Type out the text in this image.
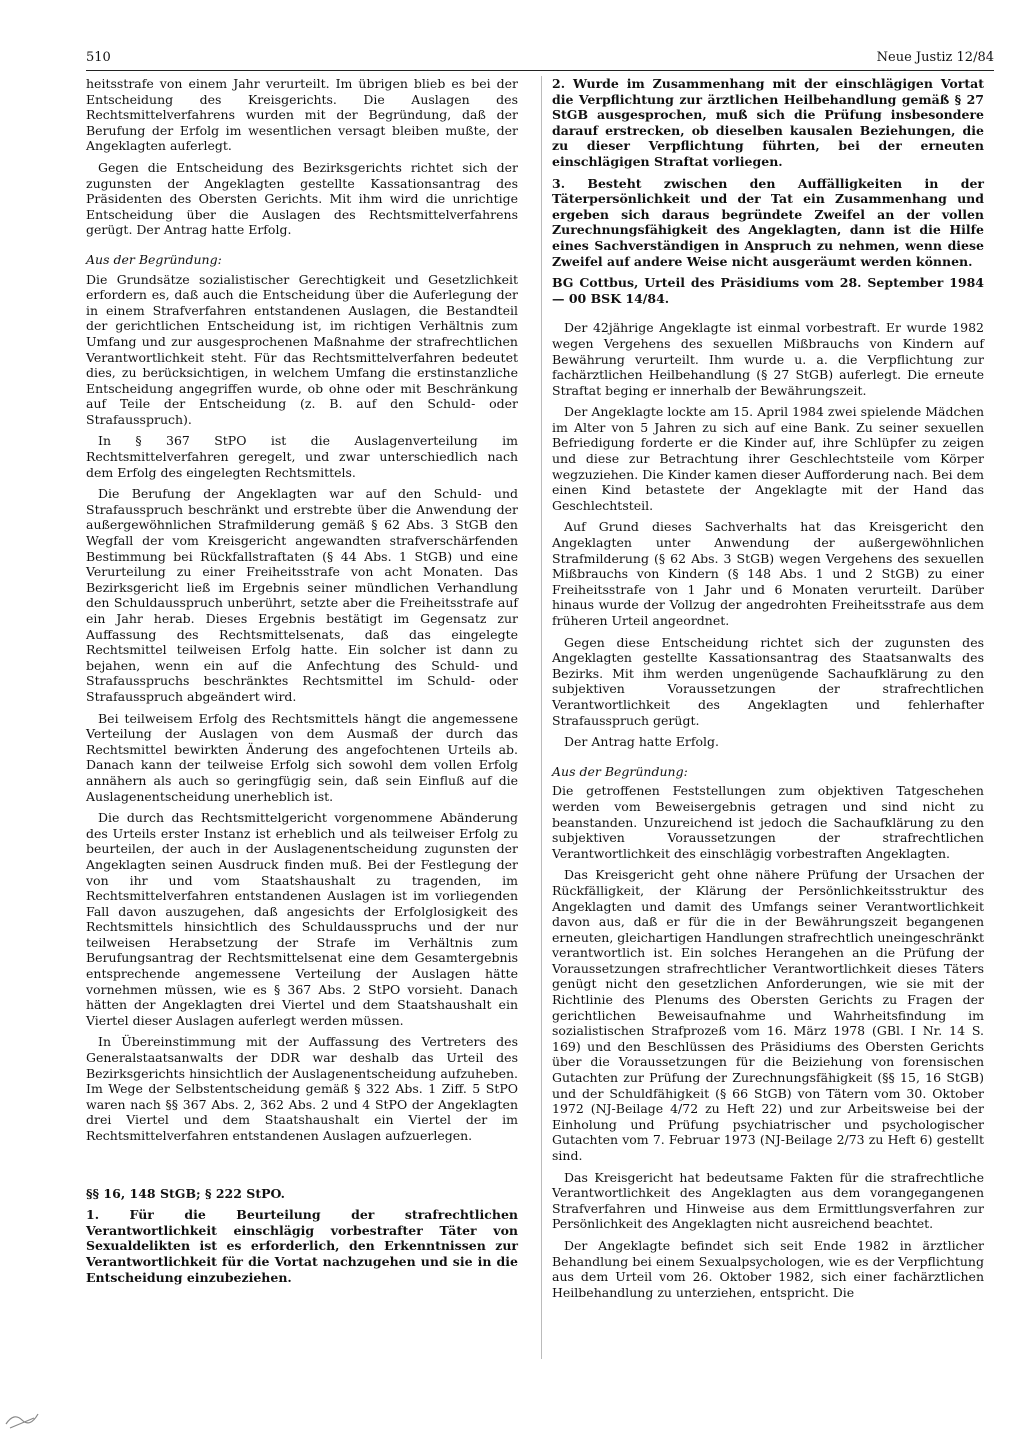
510	Neue Justiz 12/84

heitsstrafe von einem Jahr verurteilt. Im übrigen blieb es bei der Entscheidung des Kreisgerichts. Die Auslagen des Rechtsmittelverfahrens wurden mit der Begründung, daß der Berufung der Erfolg im wesentlichen versagt bleiben mußte, der Angeklagten auferlegt.

Gegen die Entscheidung des Bezirksgerichts richtet sich der zugunsten der Angeklagten gestellte Kassationsantrag des Präsidenten des Obersten Gerichts. Mit ihm wird die unrichtige Entscheidung über die Auslagen des Rechtsmittelverfahrens gerügt. Der Antrag hatte Erfolg.

Aus der Begründung:

Die Grundsätze sozialistischer Gerechtigkeit und Gesetzlichkeit erfordern es, daß auch die Entscheidung über die Auferlegung der in einem Strafverfahren entstandenen Auslagen, die Bestandteil der gerichtlichen Entscheidung ist, im richtigen Verhältnis zum Umfang und zur ausgesprochenen Maßnahme der strafrechtlichen Verantwortlichkeit steht. Für das Rechtsmittelverfahren bedeutet dies, zu berücksichtigen, in welchem Umfang die erstinstanzliche Entscheidung angegriffen wurde, ob ohne oder mit Beschränkung auf Teile der Entscheidung (z. B. auf den Schuld- oder Strafausspruch).

In § 367 StPO ist die Auslagenverteilung im Rechtsmittelverfahren geregelt, und zwar unterschiedlich nach dem Erfolg des eingelegten Rechtsmittels.

Die Berufung der Angeklagten war auf den Schuld- und Strafausspruch beschränkt und erstrebte über die Anwendung der außergewöhnlichen Strafmilderung gemäß § 62 Abs. 3 StGB den Wegfall der vom Kreisgericht angewandten strafverschärfenden Bestimmung bei Rückfallstraftaten (§ 44 Abs. 1 StGB) und eine Verurteilung zu einer Freiheitsstrafe von acht Monaten. Das Bezirksgericht ließ im Ergebnis seiner mündlichen Verhandlung den Schuldausspruch unberührt, setzte aber die Freiheitsstrafe auf ein Jahr herab. Dieses Ergebnis bestätigt im Gegensatz zur Auffassung des Rechtsmittelsenats, daß das eingelegte Rechtsmittel teilweisen Erfolg hatte. Ein solcher ist dann zu bejahen, wenn ein auf die Anfechtung des Schuld- und Strafausspruchs beschränktes Rechtsmittel im Schuld- oder Strafausspruch abgeändert wird.

Bei teilweisem Erfolg des Rechtsmittels hängt die angemessene Verteilung der Auslagen von dem Ausmaß der durch das Rechtsmittel bewirkten Änderung des angefochtenen Urteils ab. Danach kann der teilweise Erfolg sich sowohl dem vollen Erfolg annähern als auch so geringfügig sein, daß sein Einfluß auf die Auslagenentscheidung unerheblich ist.

Die durch das Rechtsmittelgericht vorgenommene Abänderung des Urteils erster Instanz ist erheblich und als teilweiser Erfolg zu beurteilen, der auch in der Auslagenentscheidung zugunsten der Angeklagten seinen Ausdruck finden muß. Bei der Festlegung der von ihr und vom Staatshaushalt zu tragenden, im Rechtsmittelverfahren entstandenen Auslagen ist im vorliegenden Fall davon auszugehen, daß angesichts der Erfolglosigkeit des Rechtsmittels hinsichtlich des Schuldausspruchs und der nur teilweisen Herabsetzung der Strafe im Verhältnis zum Berufungsantrag der Rechtsmittelsenat eine dem Gesamtergebnis entsprechende angemessene Verteilung der Auslagen hätte vornehmen müssen, wie es § 367 Abs. 2 StPO vorsieht. Danach hätten der Angeklagten drei Viertel und dem Staatshaushalt ein Viertel dieser Auslagen auferlegt werden müssen.

In Übereinstimmung mit der Auffassung des Vertreters des Generalstaatsanwalts der DDR war deshalb das Urteil des Bezirksgerichts hinsichtlich der Auslagenentscheidung aufzuheben. Im Wege der Selbstentscheidung gemäß § 322 Abs. 1 Ziff. 5 StPO waren nach §§ 367 Abs. 2, 362 Abs. 2 und 4 StPO der Angeklagten drei Viertel und dem Staatshaushalt ein Viertel der im Rechtsmittelverfahren entstandenen Auslagen aufzuerlegen.

§§ 16, 148 StGB; § 222 StPO.

1. Für die Beurteilung der strafrechtlichen Verantwortlichkeit einschlägig vorbestrafter Täter von Sexualdelikten ist es erforderlich, den Erkenntnissen zur Verantwortlichkeit für die Vortat nachzugehen und sie in die Entscheidung einzubeziehen.

2. Wurde im Zusammenhang mit der einschlägigen Vortat die Verpflichtung zur ärztlichen Heilbehandlung gemäß § 27 StGB ausgesprochen, muß sich die Prüfung insbesondere darauf erstrecken, ob dieselben kausalen Beziehungen, die zu dieser Verpflichtung führten, bei der erneuten einschlägigen Straftat vorliegen.

3. Besteht zwischen den Auffälligkeiten in der Täterpersönlichkeit und der Tat ein Zusammenhang und ergeben sich daraus begründete Zweifel an der vollen Zurechnungsfähigkeit des Angeklagten, dann ist die Hilfe eines Sachverständigen in Anspruch zu nehmen, wenn diese Zweifel auf andere Weise nicht ausgeräumt werden können.

BG Cottbus, Urteil des Präsidiums vom 28. September 1984 — 00 BSK 14/84.

Der 42jährige Angeklagte ist einmal vorbestraft. Er wurde 1982 wegen Vergehens des sexuellen Mißbrauchs von Kindern auf Bewährung verurteilt. Ihm wurde u. a. die Verpflichtung zur fachärztlichen Heilbehandlung (§ 27 StGB) auferlegt. Die erneute Straftat beging er innerhalb der Bewährungszeit.

Der Angeklagte lockte am 15. April 1984 zwei spielende Mädchen im Alter von 5 Jahren zu sich auf eine Bank. Zu seiner sexuellen Befriedigung forderte er die Kinder auf, ihre Schlüpfer zu zeigen und diese zur Betrachtung ihrer Geschlechtsteile vom Körper wegzuziehen. Die Kinder kamen dieser Aufforderung nach. Bei dem einen Kind betastete der Angeklagte mit der Hand das Geschlechtsteil.

Auf Grund dieses Sachverhalts hat das Kreisgericht den Angeklagten unter Anwendung der außergewöhnlichen Strafmilderung (§ 62 Abs. 3 StGB) wegen Vergehens des sexuellen Mißbrauchs von Kindern (§ 148 Abs. 1 und 2 StGB) zu einer Freiheitsstrafe von 1 Jahr und 6 Monaten verurteilt. Darüber hinaus wurde der Vollzug der angedrohten Freiheitsstrafe aus dem früheren Urteil angeordnet.

Gegen diese Entscheidung richtet sich der zugunsten des Angeklagten gestellte Kassationsantrag des Staatsanwalts des Bezirks. Mit ihm werden ungenügende Sachaufklärung zu den subjektiven Voraussetzungen der strafrechtlichen Verantwortlichkeit des Angeklagten und fehlerhafter Strafausspruch gerügt.

Der Antrag hatte Erfolg.

Aus der Begründung:

Die getroffenen Feststellungen zum objektiven Tatgeschehen werden vom Beweisergebnis getragen und sind nicht zu beanstanden. Unzureichend ist jedoch die Sachaufklärung zu den subjektiven Voraussetzungen der strafrechtlichen Verantwortlichkeit des einschlägig vorbestraften Angeklagten.

Das Kreisgericht geht ohne nähere Prüfung der Ursachen der Rückfälligkeit, der Klärung der Persönlichkeitsstruktur des Angeklagten und damit des Umfangs seiner Verantwortlichkeit davon aus, daß er für die in der Bewährungszeit begangenen erneuten, gleichartigen Handlungen strafrechtlich uneingeschränkt verantwortlich ist. Ein solches Herangehen an die Prüfung der Voraussetzungen strafrechtlicher Verantwortlichkeit dieses Täters genügt nicht den gesetzlichen Anforderungen, wie sie mit der Richtlinie des Plenums des Obersten Gerichts zu Fragen der gerichtlichen Beweisaufnahme und Wahrheitsfindung im sozialistischen Strafprozeß vom 16. März 1978 (GBl. I Nr. 14 S. 169) und den Beschlüssen des Präsidiums des Obersten Gerichts über die Voraussetzungen für die Beiziehung von forensischen Gutachten zur Prüfung der Zurechnungsfähigkeit (§§ 15, 16 StGB) und der Schuldfähigkeit (§ 66 StGB) von Tätern vom 30. Oktober 1972 (NJ-Beilage 4/72 zu Heft 22) und zur Arbeitsweise bei der Einholung und Prüfung psychiatrischer und psychologischer Gutachten vom 7. Februar 1973 (NJ-Beilage 2/73 zu Heft 6) gestellt sind.

Das Kreisgericht hat bedeutsame Fakten für die strafrechtliche Verantwortlichkeit des Angeklagten aus dem vorangegangenen Strafverfahren und Hinweise aus dem Ermittlungsverfahren zur Persönlichkeit des Angeklagten nicht ausreichend beachtet.

Der Angeklagte befindet sich seit Ende 1982 in ärztlicher Behandlung bei einem Sexualpsychologen, wie es der Verpflichtung aus dem Urteil vom 26. Oktober 1982, sich einer fachärztlichen Heilbehandlung zu unterziehen, entspricht. Die
